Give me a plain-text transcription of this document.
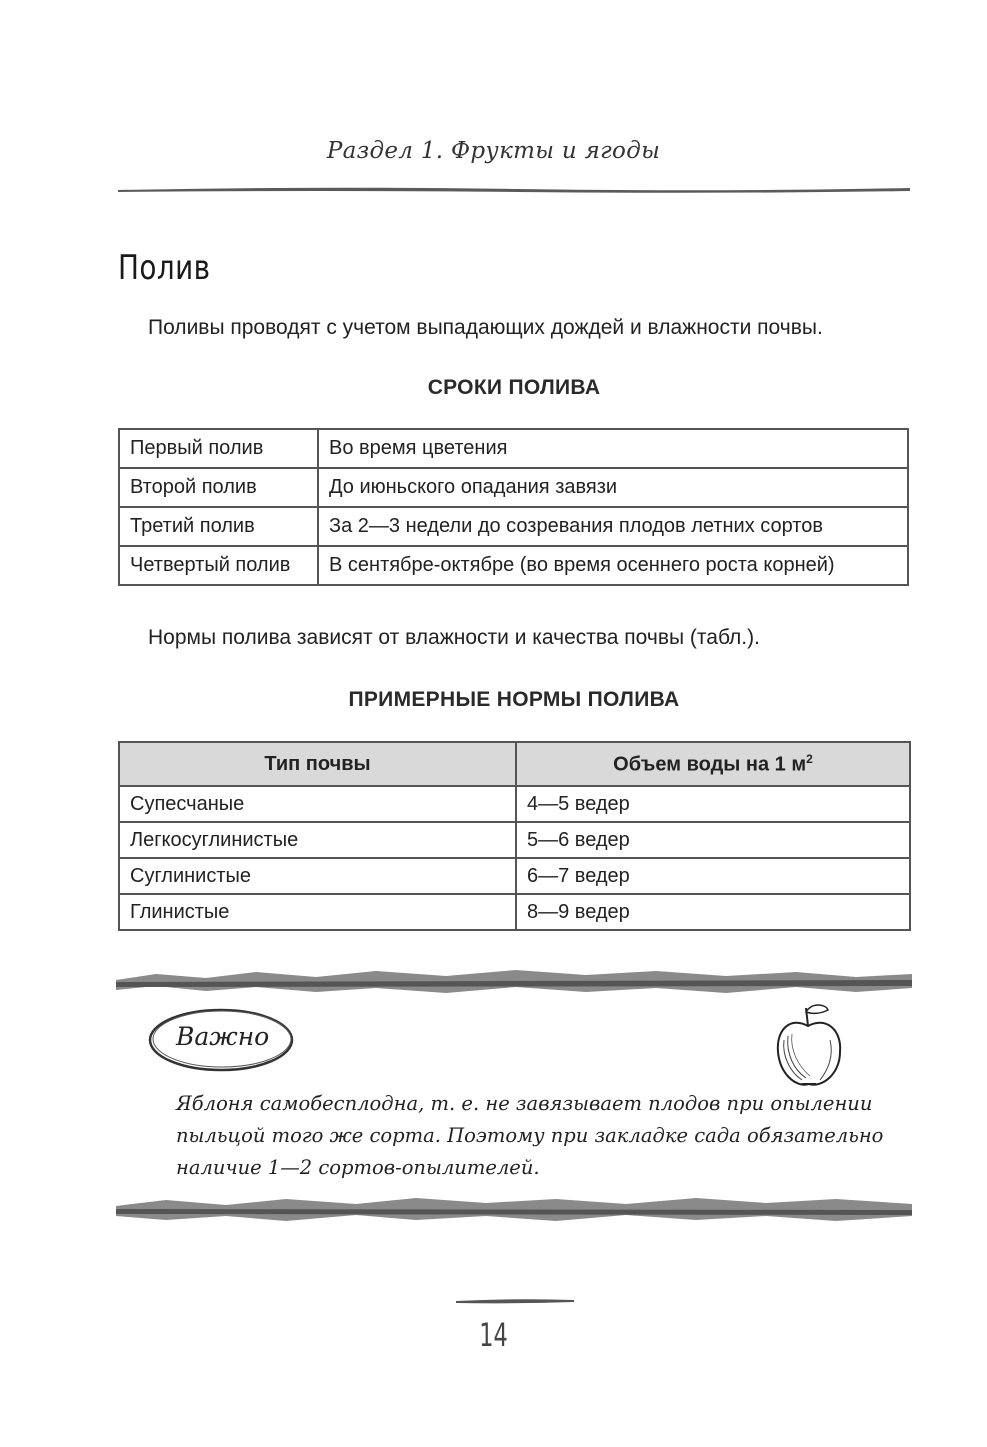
Раздел 1. Фрукты и ягоды
Полив
Поливы проводят с учетом выпадающих дождей и влажности почвы.
СРОКИ ПОЛИВА
Первый полив	Во время цветения
Второй полив	До июньского опадания завязи
Третий полив	За 2—3 недели до созревания плодов летних сортов
Четвертый полив	В сентябре-октябре (во время осеннего роста корней)
Нормы полива зависят от влажности и качества почвы (табл.).
ПРИМЕРНЫЕ НОРМЫ ПОЛИВА
Тип почвы	Объем воды на 1 $м^2$
Супесчаные	4—5 ведер
Легкосуглинистые	5—6 ведер
Суглинистые	6—7 ведер
Глинистые	8—9 ведер
Важно

Яблоня самобесплодна, т. е. не завязывает плодов при опылении пыльцой того же сорта. Поэтому при закладке сада обязательно наличие 1—2 сортов-опылителей.

14
